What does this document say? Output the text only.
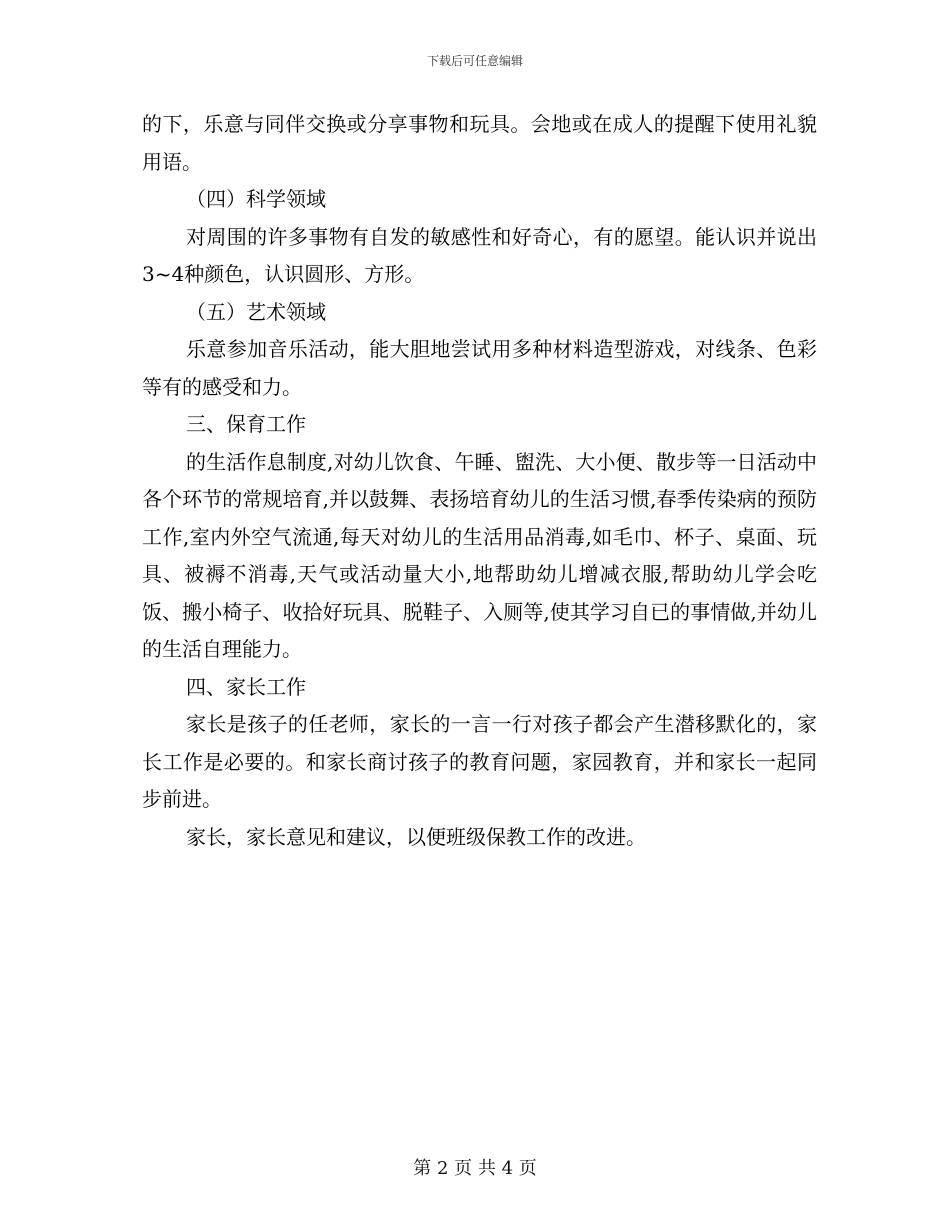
下载后可任意编辑

的下，乐意与同伴交换或分享事物和玩具。会地或在成人的提醒下使用礼貌用语。

（四）科学领域

对周围的许多事物有自发的敏感性和好奇心，有的愿望。能认识并说出3~4种颜色，认识圆形、方形。

（五）艺术领域

乐意参加音乐活动，能大胆地尝试用多种材料造型游戏，对线条、色彩等有的感受和力。

三、保育工作

的生活作息制度,对幼儿饮食、午睡、盥洗、大小便、散步等一日活动中各个环节的常规培育,并以鼓舞、表扬培育幼儿的生活习惯,春季传染病的预防工作,室内外空气流通,每天对幼儿的生活用品消毒,如毛巾、杯子、桌面、玩具、被褥不消毒,天气或活动量大小,地帮助幼儿增减衣服,帮助幼儿学会吃饭、搬小椅子、收拾好玩具、脱鞋子、入厕等,使其学习自已的事情做,并幼儿的生活自理能力。

四、家长工作

家长是孩子的任老师，家长的一言一行对孩子都会产生潜移默化的，家长工作是必要的。和家长商讨孩子的教育问题，家园教育，并和家长一起同步前进。

家长，家长意见和建议，以便班级保教工作的改进。

第 2 页 共 4 页
